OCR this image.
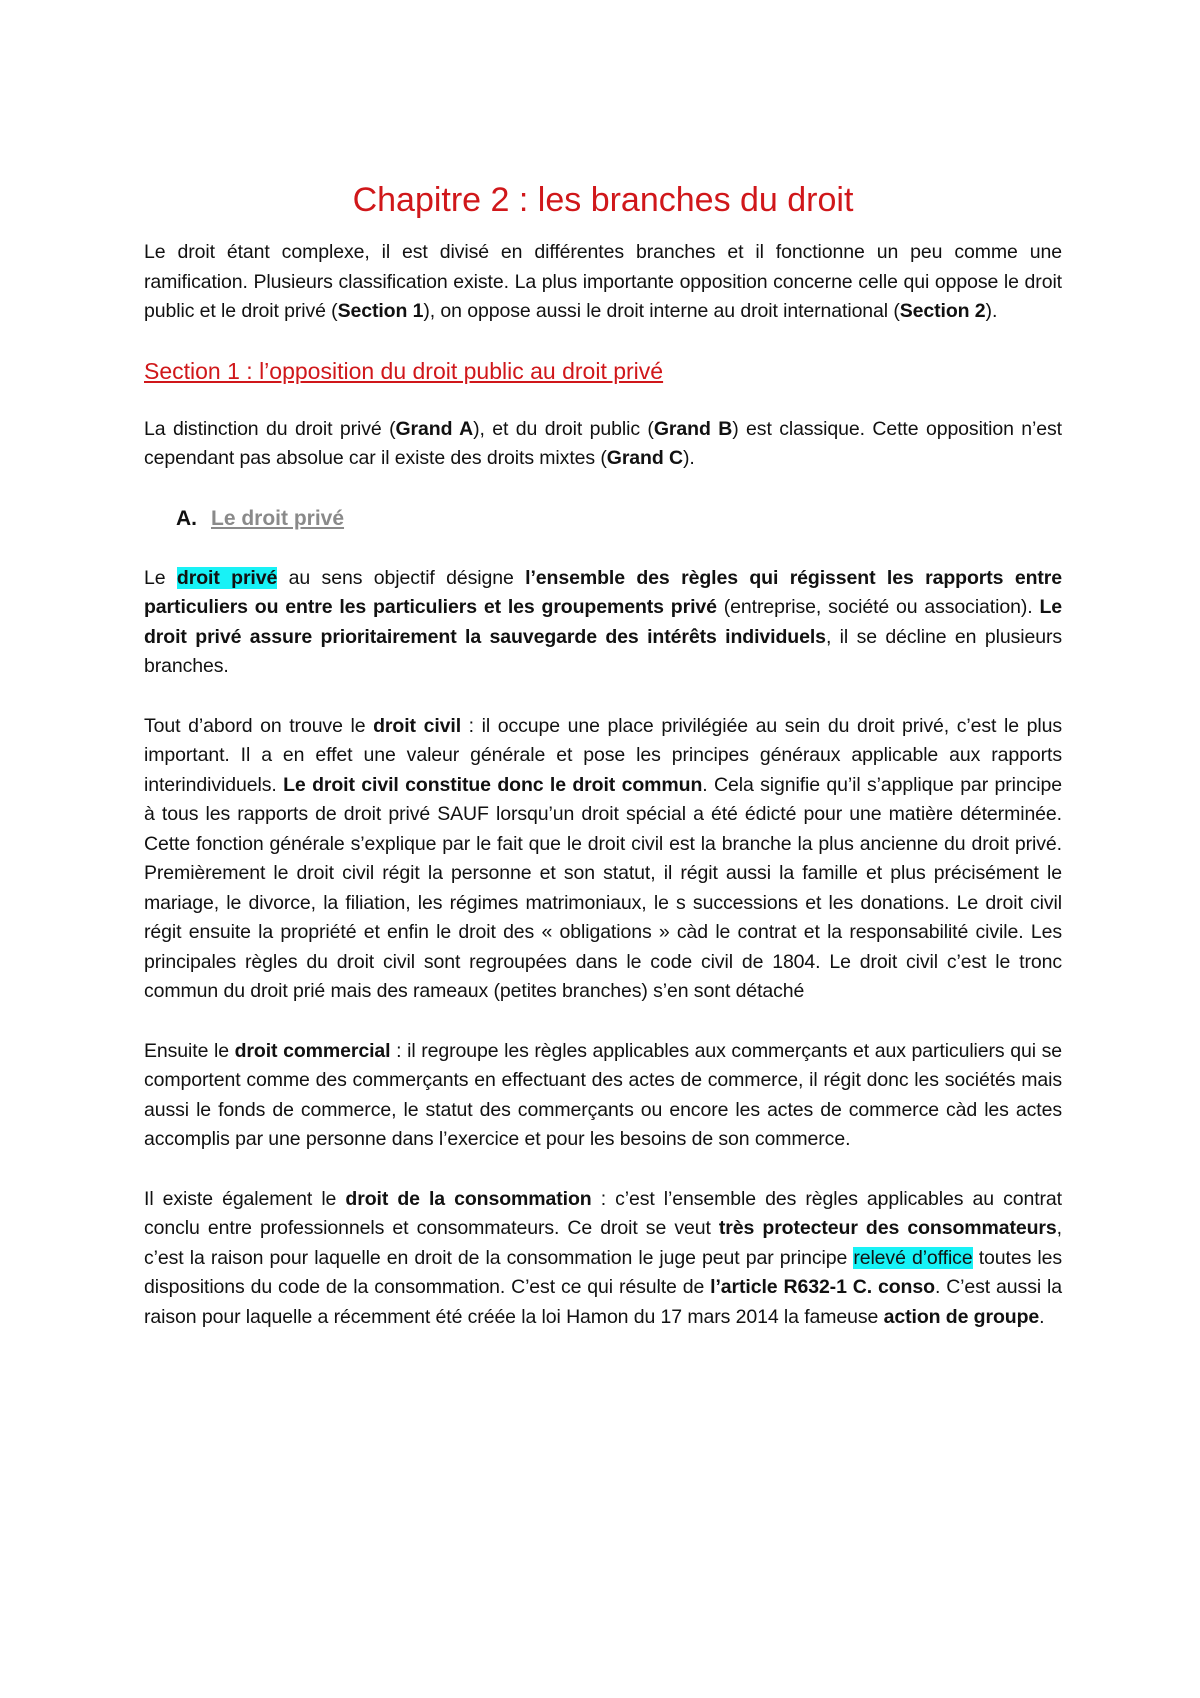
Chapitre 2 : les branches du droit

Le droit étant complexe, il est divisé en différentes branches et il fonctionne un peu comme une ramification. Plusieurs classification existe. La plus importante opposition concerne celle qui oppose le droit public et le droit privé (Section 1), on oppose aussi le droit interne au droit international (Section 2).

Section 1 : l’opposition du droit public au droit privé

La distinction du droit privé (Grand A), et du droit public (Grand B) est classique. Cette opposition n’est cependant pas absolue car il existe des droits mixtes (Grand C).

A. Le droit privé

Le droit privé au sens objectif désigne l’ensemble des règles qui régissent les rapports entre particuliers ou entre les particuliers et les groupements privé (entreprise, société ou association). Le droit privé assure prioritairement la sauvegarde des intérêts individuels, il se décline en plusieurs branches.

Tout d’abord on trouve le droit civil : il occupe une place privilégiée au sein du droit privé, c’est le plus important. Il a en effet une valeur générale et pose les principes généraux applicable aux rapports interindividuels. Le droit civil constitue donc le droit commun. Cela signifie qu’il s’applique par principe à tous les rapports de droit privé SAUF lorsqu’un droit spécial a été édicté pour une matière déterminée. Cette fonction générale s’explique par le fait que le droit civil est la branche la plus ancienne du droit privé. Premièrement le droit civil régit la personne et son statut, il régit aussi la famille et plus précisément le mariage, le divorce, la filiation, les régimes matrimoniaux, le s successions et les donations. Le droit civil régit ensuite la propriété et enfin le droit des « obligations » càd le contrat et la responsabilité civile. Les principales règles du droit civil sont regroupées dans le code civil de 1804. Le droit civil c’est le tronc commun du droit prié mais des rameaux (petites branches) s’en sont détaché

Ensuite le droit commercial : il regroupe les règles applicables aux commerçants et aux particuliers qui se comportent comme des commerçants en effectuant des actes de commerce, il régit donc les sociétés mais aussi le fonds de commerce, le statut des commerçants ou encore les actes de commerce càd les actes accomplis par une personne dans l’exercice et pour les besoins de son commerce.

Il existe également le droit de la consommation : c’est l’ensemble des règles applicables au contrat conclu entre professionnels et consommateurs. Ce droit se veut très protecteur des consommateurs, c’est la raison pour laquelle en droit de la consommation le juge peut par principe relevé d’office toutes les dispositions du code de la consommation. C’est ce qui résulte de l’article R632-1 C. conso. C’est aussi la raison pour laquelle a récemment été créée la loi Hamon du 17 mars 2014 la fameuse action de groupe.
